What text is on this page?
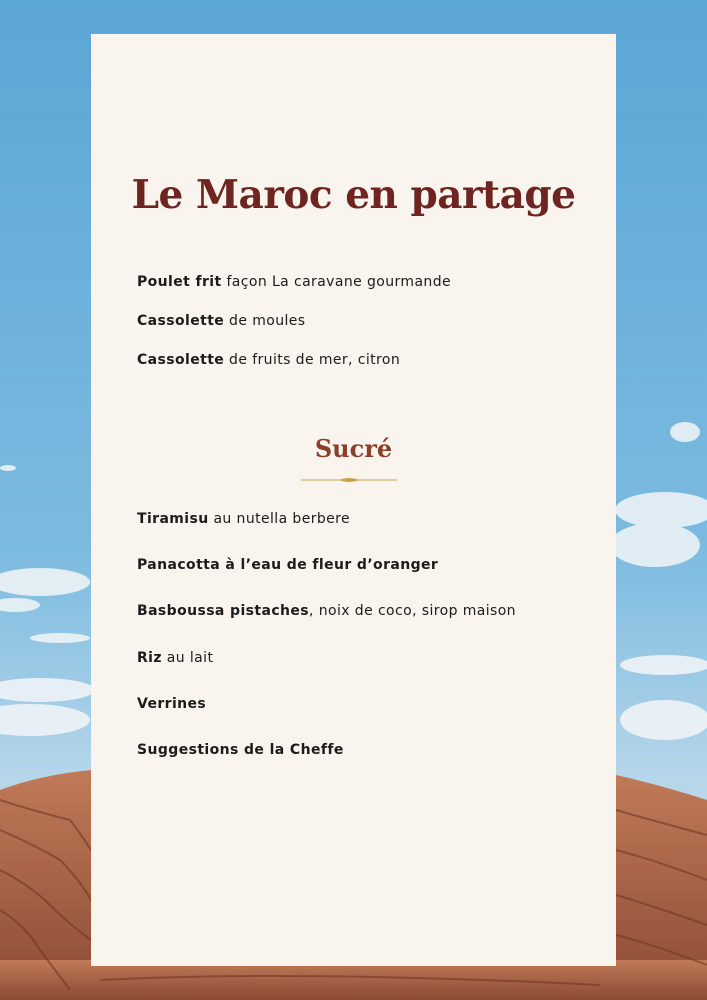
Le Maroc en partage
Poulet frit façon La caravane gourmande
Cassolette de moules
Cassolette de fruits de mer, citron
Sucré
Tiramisu au nutella berbere
Panacotta à l’eau de fleur d’oranger
Basboussa pistaches, noix de coco, sirop maison
Riz au lait
Verrines
Suggestions de la Cheffe
